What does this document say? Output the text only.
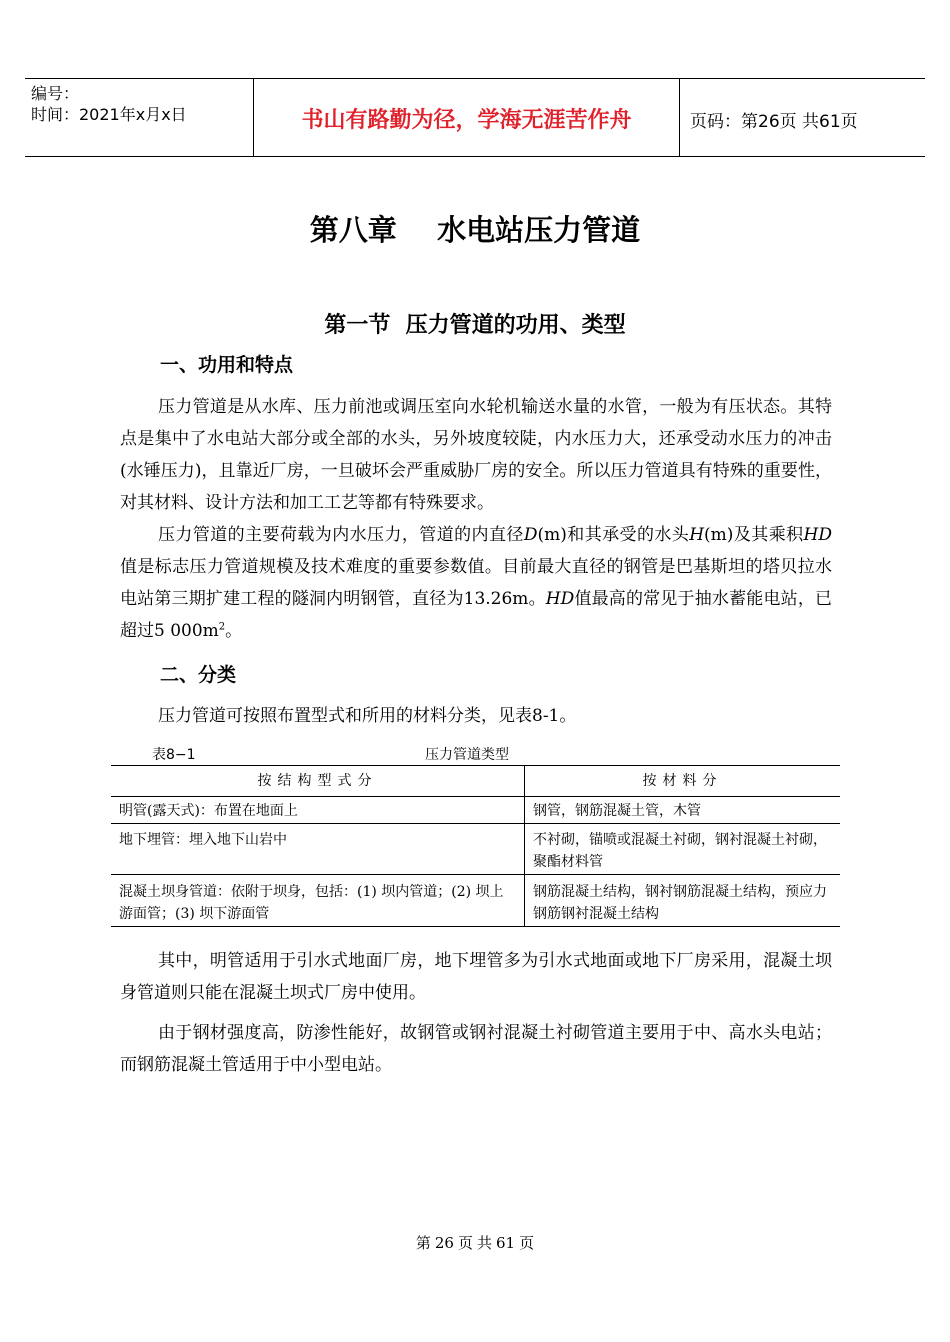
编号：
时间：2021年x月x日	书山有路勤为径，学海无涯苦作舟	页码：第26页 共61页
第八章    水电站压力管道
第一节  压力管道的功用、类型
一、功用和特点

压力管道是从水库、压力前池或调压室向水轮机输送水量的水管，一般为有压状态。其特点是集中了水电站大部分或全部的水头，另外坡度较陡，内水压力大，还承受动水压力的冲击(水锤压力)，且靠近厂房，一旦破坏会严重威胁厂房的安全。所以压力管道具有特殊的重要性，对其材料、设计方法和加工工艺等都有特殊要求。

压力管道的主要荷载为内水压力，管道的内直径D(m)和其承受的水头H(m)及其乘积HD值是标志压力管道规模及技术难度的重要参数值。目前最大直径的钢管是巴基斯坦的塔贝拉水电站第三期扩建工程的隧洞内明钢管，直径为13.26m。HD值最高的常见于抽水蓄能电站，已超过5 $000m^2$。

二、分类

压力管道可按照布置型式和所用的材料分类，见表8-1。

表8−1	压力管道类型
按结构型式分	按材料分
明管(露天式)：布置在地面上	钢管，钢筋混凝土管，木管
地下埋管：埋入地下山岩中	不衬砌，锚喷或混凝土衬砌，钢衬混凝土衬砌，聚酯材料管
混凝土坝身管道：依附于坝身，包括：(1) 坝内管道；(2) 坝上游面管；(3) 坝下游面管	钢筋混凝土结构，钢衬钢筋混凝土结构，预应力钢筋钢衬混凝土结构

其中，明管适用于引水式地面厂房，地下埋管多为引水式地面或地下厂房采用，混凝土坝身管道则只能在混凝土坝式厂房中使用。

由于钢材强度高，防渗性能好，故钢管或钢衬混凝土衬砌管道主要用于中、高水头电站；而钢筋混凝土管适用于中小型电站。

第 26 页 共 61 页
